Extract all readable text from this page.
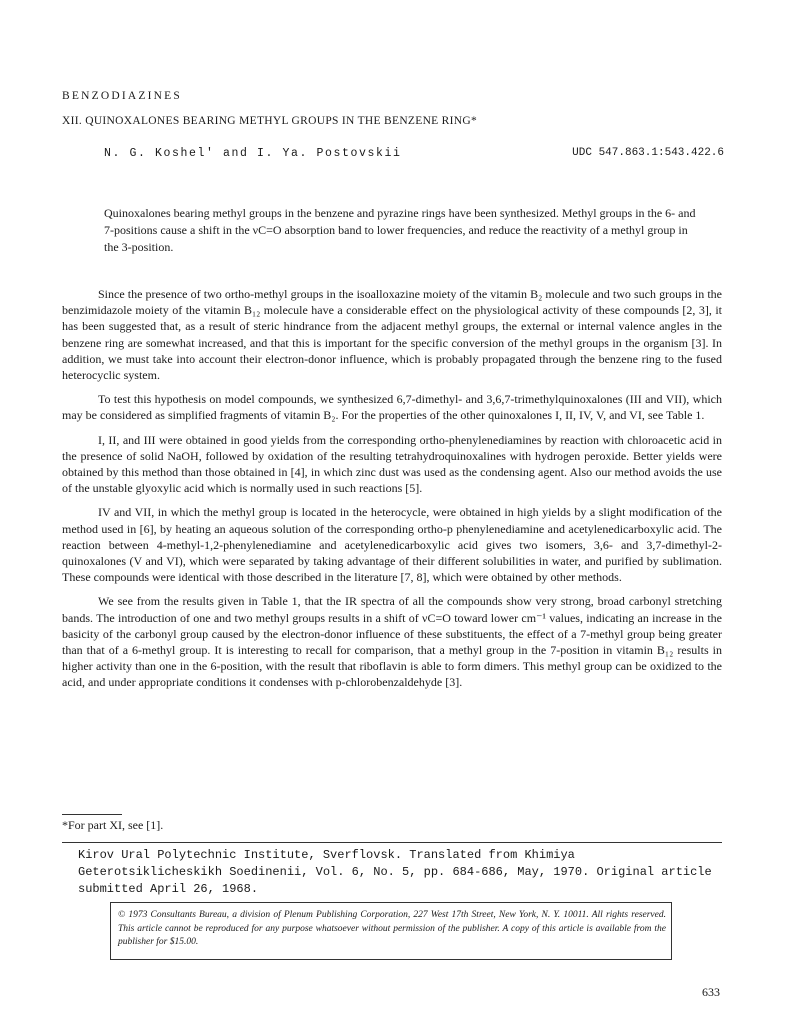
BENZODIAZINES
XII. QUINOXALONES BEARING METHYL GROUPS IN THE BENZENE RING*
N. G. Koshel' and I. Ya. Postovskii	UDC 547.863.1:543.422.6
Quinoxalones bearing methyl groups in the benzene and pyrazine rings have been synthesized. Methyl groups in the 6- and 7-positions cause a shift in the νC=O absorption band to lower frequencies, and reduce the reactivity of a methyl group in the 3-position.

Since the presence of two ortho-methyl groups in the isoalloxazine moiety of the vitamin B₂ molecule and two such groups in the benzimidazole moiety of the vitamin B₁₂ molecule have a considerable effect on the physiological activity of these compounds [2, 3], it has been suggested that, as a result of steric hindrance from the adjacent methyl groups, the external or internal valence angles in the benzene ring are somewhat increased, and that this is important for the specific conversion of the methyl groups in the organism [3]. In addition, we must take into account their electron-donor influence, which is probably propagated through the benzene ring to the fused heterocyclic system.

To test this hypothesis on model compounds, we synthesized 6,7-dimethyl- and 3,6,7-trimethylquinoxalones (III and VII), which may be considered as simplified fragments of vitamin B₂. For the properties of the other quinoxalones I, II, IV, V, and VI, see Table 1.

I, II, and III were obtained in good yields from the corresponding ortho-phenylenediamines by reaction with chloroacetic acid in the presence of solid NaOH, followed by oxidation of the resulting tetrahydroquinoxalines with hydrogen peroxide. Better yields were obtained by this method than those obtained in [4], in which zinc dust was used as the condensing agent. Also our method avoids the use of the unstable glyoxylic acid which is normally used in such reactions [5].

IV and VII, in which the methyl group is located in the heterocycle, were obtained in high yields by a slight modification of the method used in [6], by heating an aqueous solution of the corresponding ortho-p phenylenediamine and acetylenedicarboxylic acid. The reaction between 4-methyl-1,2-phenylenediamine and acetylenedicarboxylic acid gives two isomers, 3,6- and 3,7-dimethyl-2-quinoxalones (V and VI), which were separated by taking advantage of their different solubilities in water, and purified by sublimation. These compounds were identical with those described in the literature [7, 8], which were obtained by other methods.

We see from the results given in Table 1, that the IR spectra of all the compounds show very strong, broad carbonyl stretching bands. The introduction of one and two methyl groups results in a shift of νC=O toward lower cm⁻¹ values, indicating an increase in the basicity of the carbonyl group caused by the electron-donor influence of these substituents, the effect of a 7-methyl group being greater than that of a 6-methyl group. It is interesting to recall for comparison, that a methyl group in the 7-position in vitamin B₁₂ results in higher activity than one in the 6-position, with the result that riboflavin is able to form dimers. This methyl group can be oxidized to the acid, and under appropriate conditions it condenses with p-chlorobenzaldehyde [3].

*For part XI, see [1].
Kirov Ural Polytechnic Institute, Sverflovsk. Translated from Khimiya Geterotsiklicheskikh Soedinenii, Vol. 6, No. 5, pp. 684-686, May, 1970. Original article submitted April 26, 1968.
© 1973 Consultants Bureau, a division of Plenum Publishing Corporation, 227 West 17th Street, New York, N. Y. 10011. All rights reserved. This article cannot be reproduced for any purpose whatsoever without permission of the publisher. A copy of this article is available from the publisher for $15.00.
633
